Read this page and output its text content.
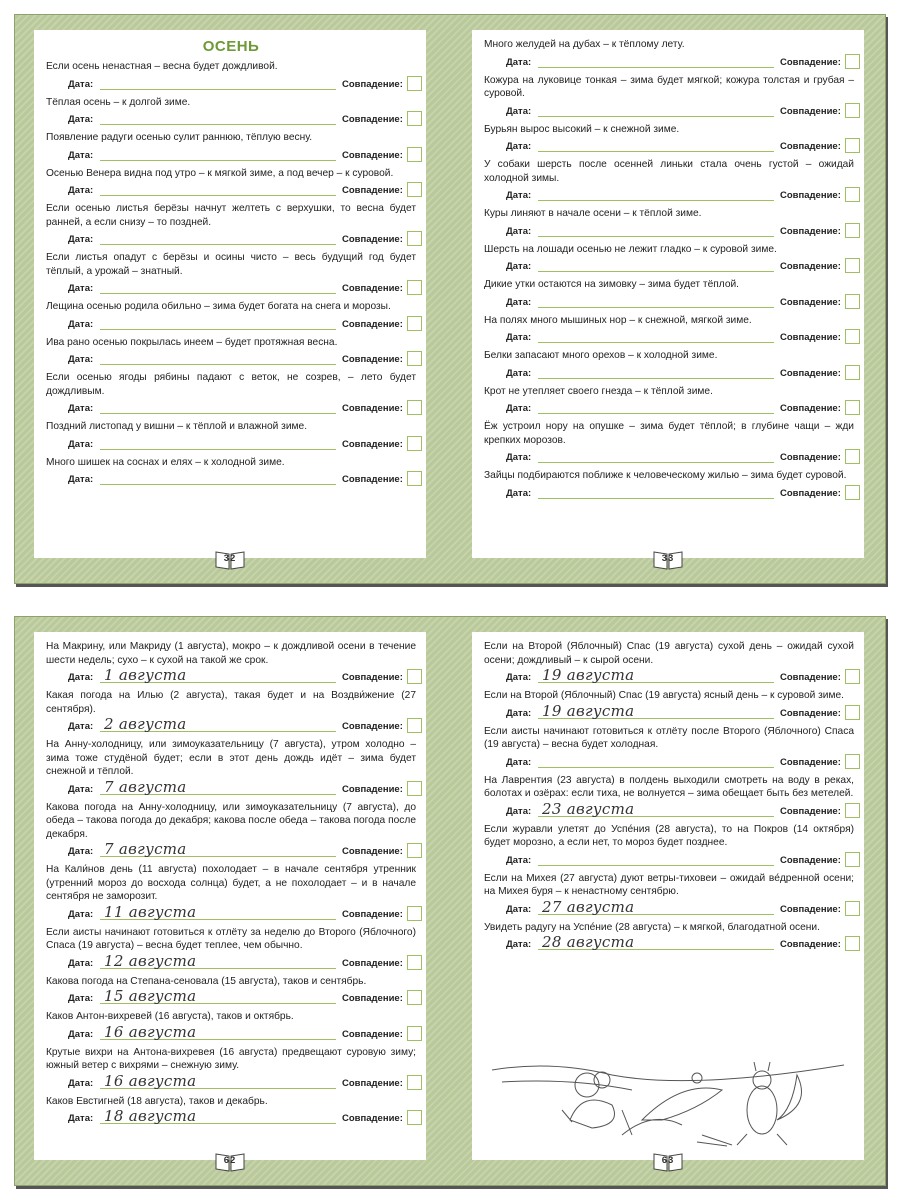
ОСЕНЬ
Если осень ненастная – весна будет дождливой.
Дата:	Совпадение:
Тёплая осень – к долгой зиме.
Дата:	Совпадение:
Появление радуги осенью сулит раннюю, тёплую весну.
Дата:	Совпадение:
Осенью Венера видна под утро – к мягкой зиме, а под вечер – к суровой.
Дата:	Совпадение:
Если осенью листья берёзы начнут желтеть с верхушки, то весна будет ранней, а если снизу – то поздней.
Дата:	Совпадение:
Если листья опадут с берёзы и осины чисто – весь будущий год будет тёплый, а урожай – знатный.
Дата:	Совпадение:
Лещина осенью родила обильно – зима будет богата на снега и морозы.
Дата:	Совпадение:
Ива рано осенью покрылась инеем – будет протяжная весна.
Дата:	Совпадение:
Если осенью ягоды рябины падают с веток, не созрев, – лето будет дождливым.
Дата:	Совпадение:
Поздний листопад у вишни – к тёплой и влажной зиме.
Дата:	Совпадение:
Много шишек на соснах и елях – к холодной зиме.
Дата:	Совпадение:
32
Много желудей на дубах – к тёплому лету.
Дата:	Совпадение:
Кожура на луковице тонкая – зима будет мягкой; кожура толстая и грубая – суровой.
Дата:	Совпадение:
Бурьян вырос высокий – к снежной зиме.
Дата:	Совпадение:
У собаки шерсть после осенней линьки стала очень густой – ожидай холодной зимы.
Дата:	Совпадение:
Куры линяют в начале осени – к тёплой зиме.
Дата:	Совпадение:
Шерсть на лошади осенью не лежит гладко – к суровой зиме.
Дата:	Совпадение:
Дикие утки остаются на зимовку – зима будет тёплой.
Дата:	Совпадение:
На полях много мышиных нор – к снежной, мягкой зиме.
Дата:	Совпадение:
Белки запасают много орехов – к холодной зиме.
Дата:	Совпадение:
Крот не утепляет своего гнезда – к тёплой зиме.
Дата:	Совпадение:
Ёж устроил нору на опушке – зима будет тёплой; в глубине чащи – жди крепких морозов.
Дата:	Совпадение:
Зайцы подбираются поближе к человеческому жилью – зима будет суровой.
Дата:	Совпадение:
33
На Макрину, или Макриду (1 августа), мокро – к дождливой осени в течение шести недель; сухо – к сухой на такой же срок.
Дата: 1 августа	Совпадение:
Какая погода на Илью (2 августа), такая будет и на Воздви́жение (27 сентября).
Дата: 2 августа	Совпадение:
На Анну-холодницу, или зимоуказательницу (7 августа), утром холодно – зима тоже студёной будет; если в этот день дождь идёт – зима будет снежной и тёплой.
Дата: 7 августа	Совпадение:
Какова погода на Анну-холодницу, или зимоуказательницу (7 августа), до обеда – такова погода до декабря; какова после обеда – такова погода после декабря.
Дата: 7 августа	Совпадение:
На Кали́нов день (11 августа) похолодает – в начале сентября утренник (утренний мороз до восхода солнца) будет, а не похолодает – и в начале сентября не заморозит.
Дата: 11 августа	Совпадение:
Если аисты начинают готовиться к отлёту за неделю до Второго (Яблочного) Спаса (19 августа) – весна будет теплее, чем обычно.
Дата: 12 августа	Совпадение:
Какова погода на Степана-сеновала (15 августа), таков и сентябрь.
Дата: 15 августа	Совпадение:
Каков Антон-вихревей (16 августа), таков и октябрь.
Дата: 16 августа	Совпадение:
Крутые вихри на Антона-вихревея (16 августа) предвещают суровую зиму; южный ветер с вихрями – снежную зиму.
Дата: 16 августа	Совпадение:
Каков Евстигней (18 августа), таков и декабрь.
Дата: 18 августа	Совпадение:
62
Если на Второй (Яблочный) Спас (19 августа) сухой день – ожидай сухой осени; дождливый – к сырой осени.
Дата: 19 августа	Совпадение:
Если на Второй (Яблочный) Спас (19 августа) ясный день – к суровой зиме.
Дата: 19 августа	Совпадение:
Если аисты начинают готовиться к отлёту после Второго (Яблочного) Спаса (19 августа) – весна будет холодная.
Дата:	Совпадение:
На Лаврентия (23 августа) в полдень выходили смотреть на воду в реках, болотах и озёрах: если тиха, не волнуется – зима обещает быть без метелей.
Дата: 23 августа	Совпадение:
Если журавли улетят до Успе́ния (28 августа), то на Покров (14 октября) будет морозно, а если нет, то мороз будет позднее.
Дата:	Совпадение:
Если на Михея (27 августа) дуют ветры-тиховеи – ожидай ве́дренной осени; на Михея буря – к ненастному сентябрю.
Дата: 27 августа	Совпадение:
Увидеть радугу на Успе́ние (28 августа) – к мягкой, благодатной осени.
Дата: 28 августа	Совпадение:
63
